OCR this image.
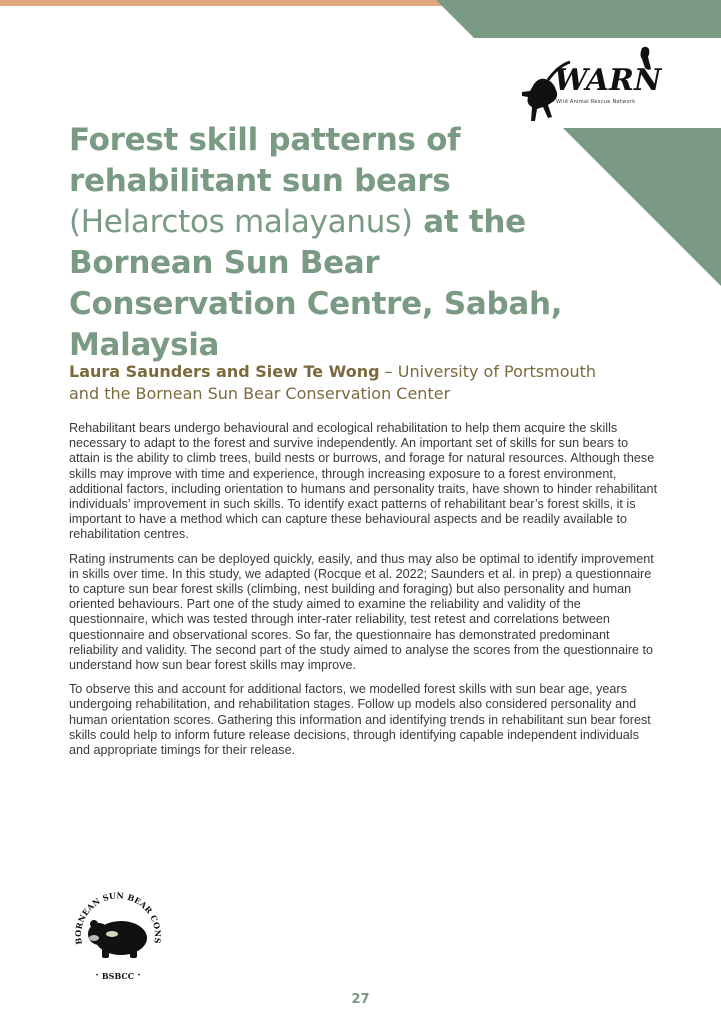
WARN
Wild Animal Rescue Network
Forest skill patterns of rehabilitant sun bears (Helarctos malayanus) at the Bornean Sun Bear Conservation Centre, Sabah, Malaysia

Laura Saunders and Siew Te Wong – University of Portsmouth and the Bornean Sun Bear Conservation Center

Rehabilitant bears undergo behavioural and ecological rehabilitation to help them acquire the skills necessary to adapt to the forest and survive independently. An important set of skills for sun bears to attain is the ability to climb trees, build nests or burrows, and forage for natural resources. Although these skills may improve with time and experience, through increasing exposure to a forest environment, additional factors, including orientation to humans and personality traits, have shown to hinder rehabilitant individuals’ improvement in such skills. To identify exact patterns of rehabilitant bear’s forest skills, it is important to have a method which can capture these behavioural aspects and be readily available to rehabilitation centres.

Rating instruments can be deployed quickly, easily, and thus may also be optimal to identify improvement in skills over time. In this study, we adapted (Rocque et al. 2022; Saunders et al. in prep) a questionnaire to capture sun bear forest skills (climbing, nest building and foraging) but also personality and human oriented behaviours. Part one of the study aimed to examine the reliability and validity of the questionnaire, which was tested through inter-rater reliability, test retest and correlations between questionnaire and observational scores. So far, the questionnaire has demonstrated predominant reliability and validity. The second part of the study aimed to analyse the scores from the questionnaire to understand how sun bear forest skills may improve.

To observe this and account for additional factors, we modelled forest skills with sun bear age, years undergoing rehabilitation, and rehabilitation stages. Follow up models also considered personality and human orientation scores. Gathering this information and identifying trends in rehabilitant sun bear forest skills could help to inform future release decisions, through identifying capable independent individuals and appropriate timings for their release.

BORNEAN SUN BEAR CONS
BSBCC
•	•
27
